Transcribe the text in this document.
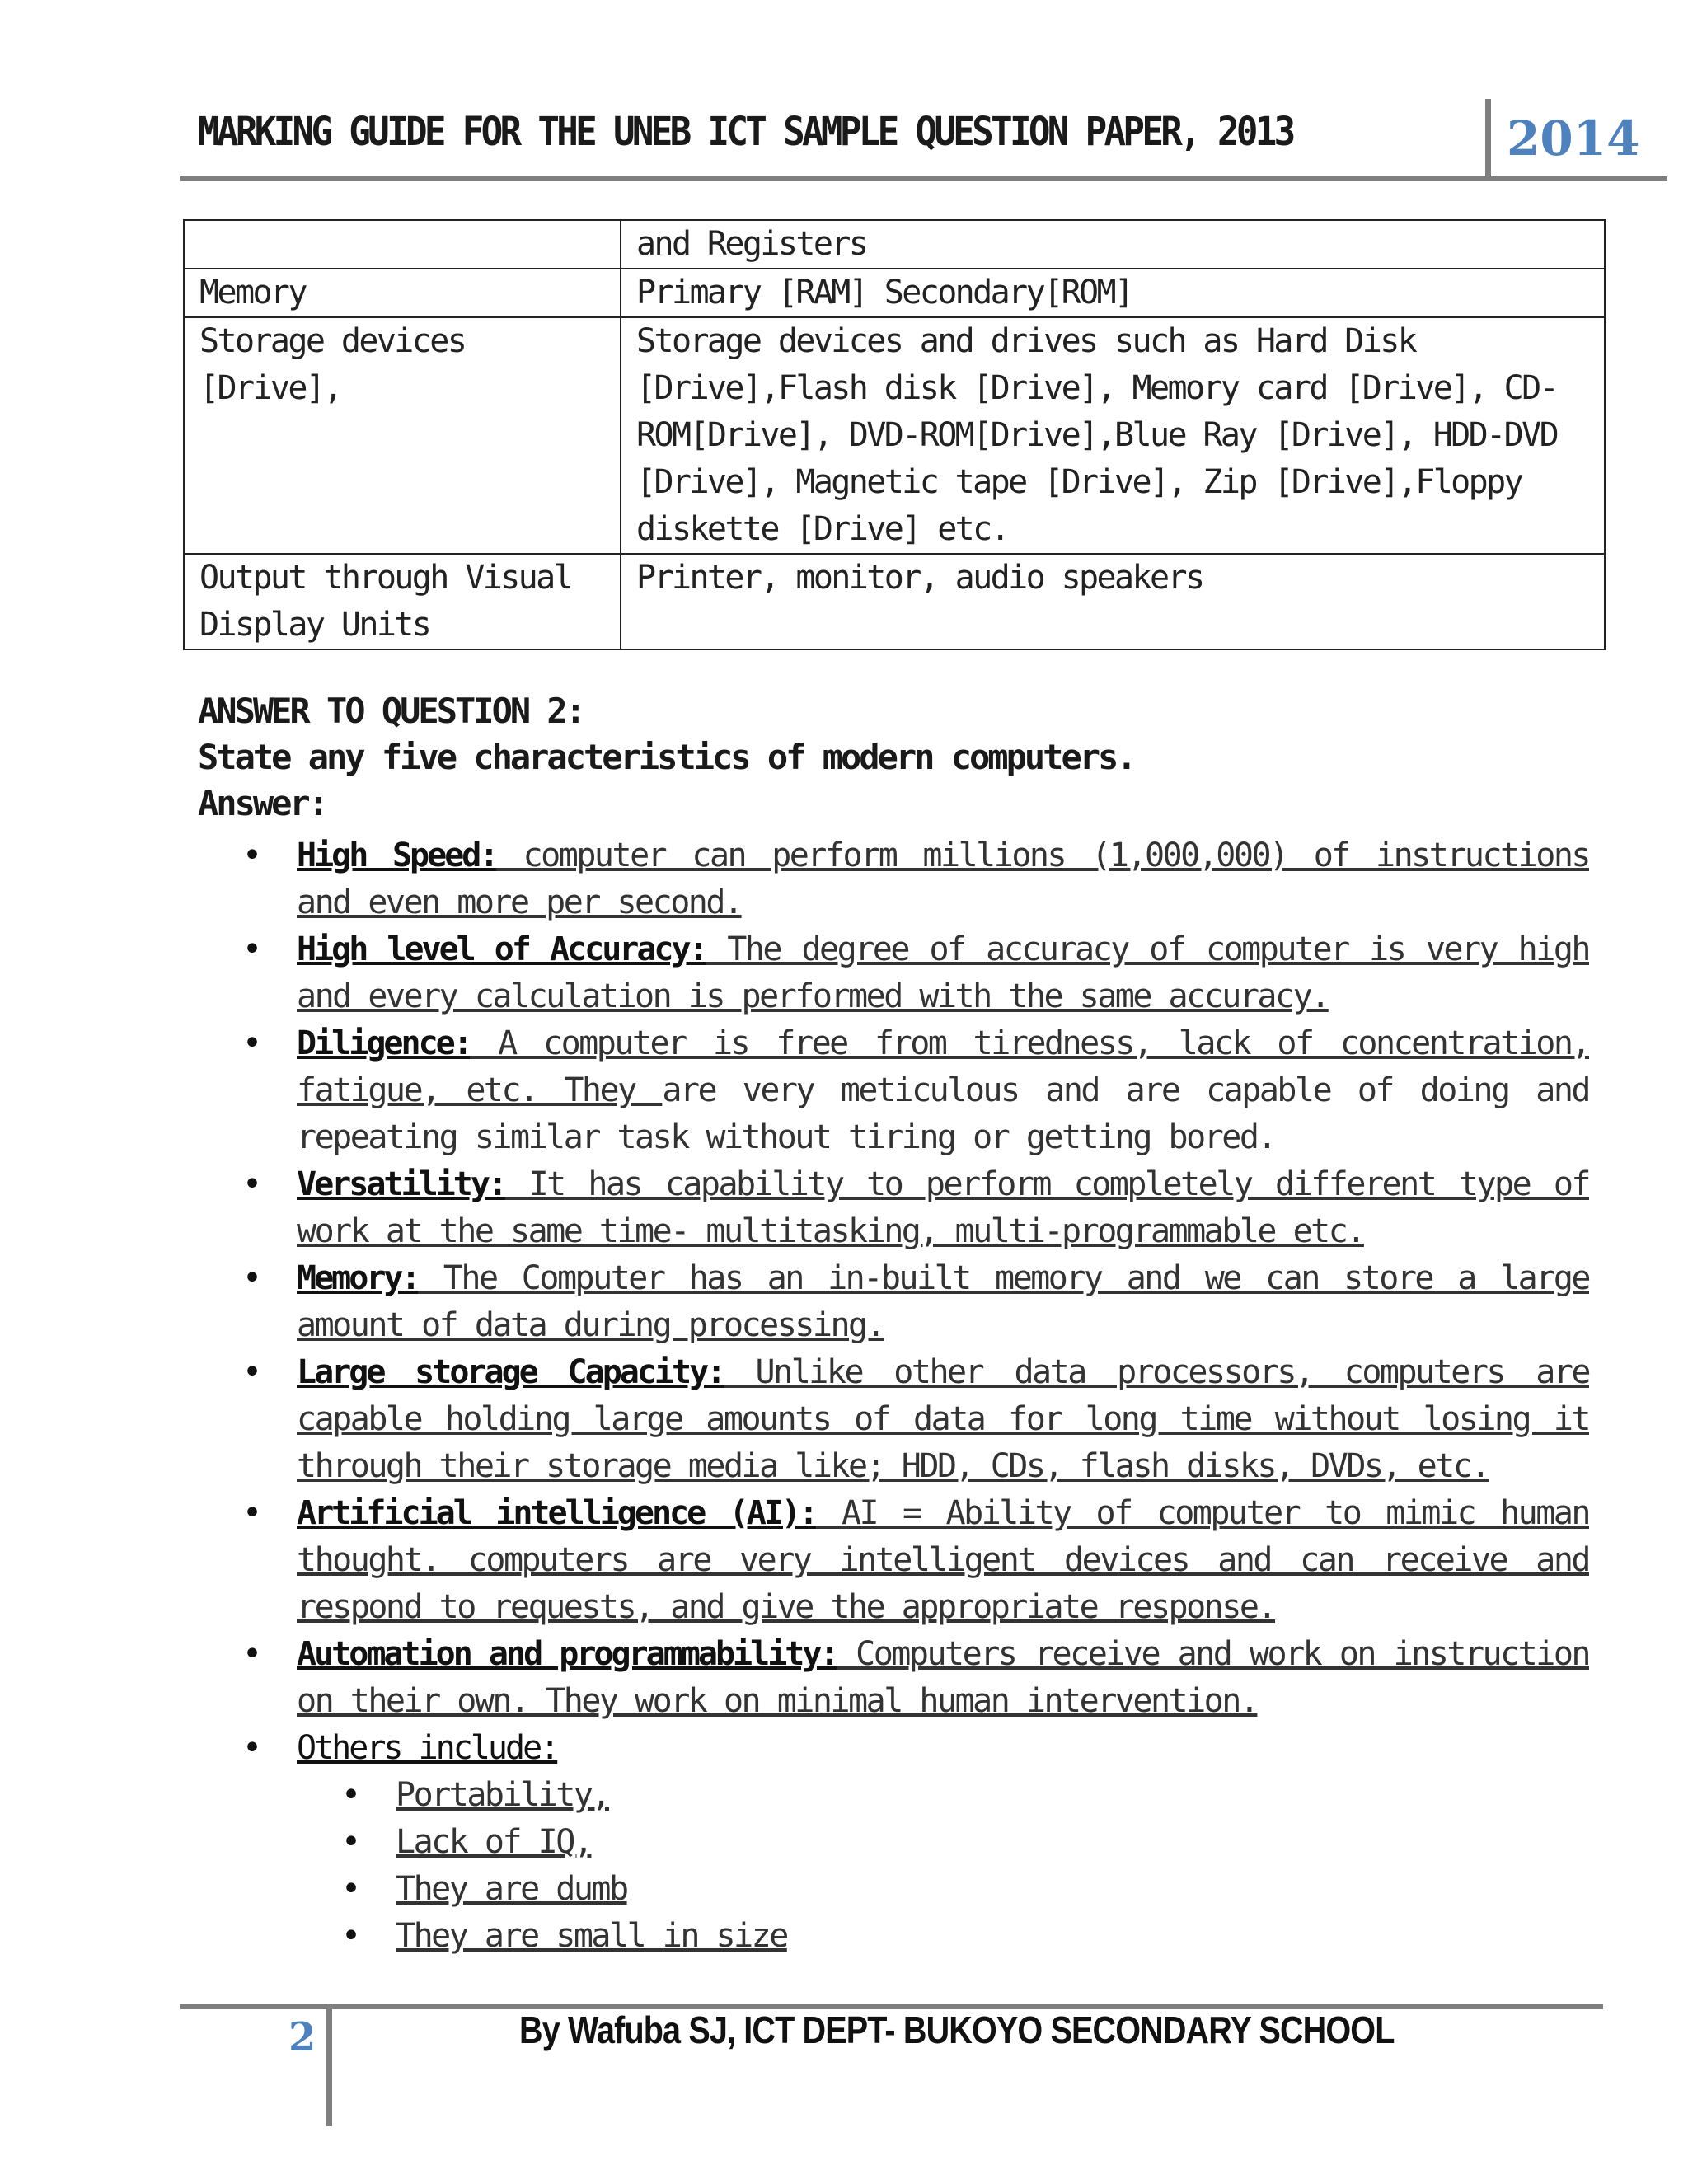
MARKING GUIDE FOR THE UNEB ICT SAMPLE QUESTION PAPER, 2013	2014
	and Registers
Memory	Primary [RAM] Secondary[ROM]
Storage devices [Drive],	Storage devices and drives such as Hard Disk [Drive],Flash disk [Drive], Memory card [Drive], CD-ROM[Drive], DVD-ROM[Drive],Blue Ray [Drive], HDD-DVD [Drive], Magnetic tape [Drive], Zip [Drive],Floppy diskette [Drive] etc.
Output through Visual Display Units	Printer, monitor, audio speakers
ANSWER TO QUESTION 2:
State any five characteristics of modern computers.
Answer:
• High Speed: computer can perform millions (1,000,000) of instructions and even more per second.
• High level of Accuracy: The degree of accuracy of computer is very high and every calculation is performed with the same accuracy.
• Diligence: A computer is free from tiredness, lack of concentration, fatigue, etc. They are very meticulous and are capable of doing and repeating similar task without tiring or getting bored.
• Versatility: It has capability to perform completely different type of work at the same time- multitasking, multi-programmable etc.
• Memory: The Computer has an in-built memory and we can store a large amount of data during processing.
• Large storage Capacity: Unlike other data processors, computers are capable holding large amounts of data for long time without losing it through their storage media like; HDD, CDs, flash disks, DVDs, etc.
• Artificial intelligence (AI): AI = Ability of computer to mimic human thought. computers are very intelligent devices and can receive and respond to requests, and give the appropriate response.
• Automation and programmability: Computers receive and work on instruction on their own. They work on minimal human intervention.
• Others include:
• Portability,
• Lack of IQ,
• They are dumb
• They are small in size
2	By Wafuba SJ, ICT DEPT- BUKOYO SECONDARY SCHOOL
